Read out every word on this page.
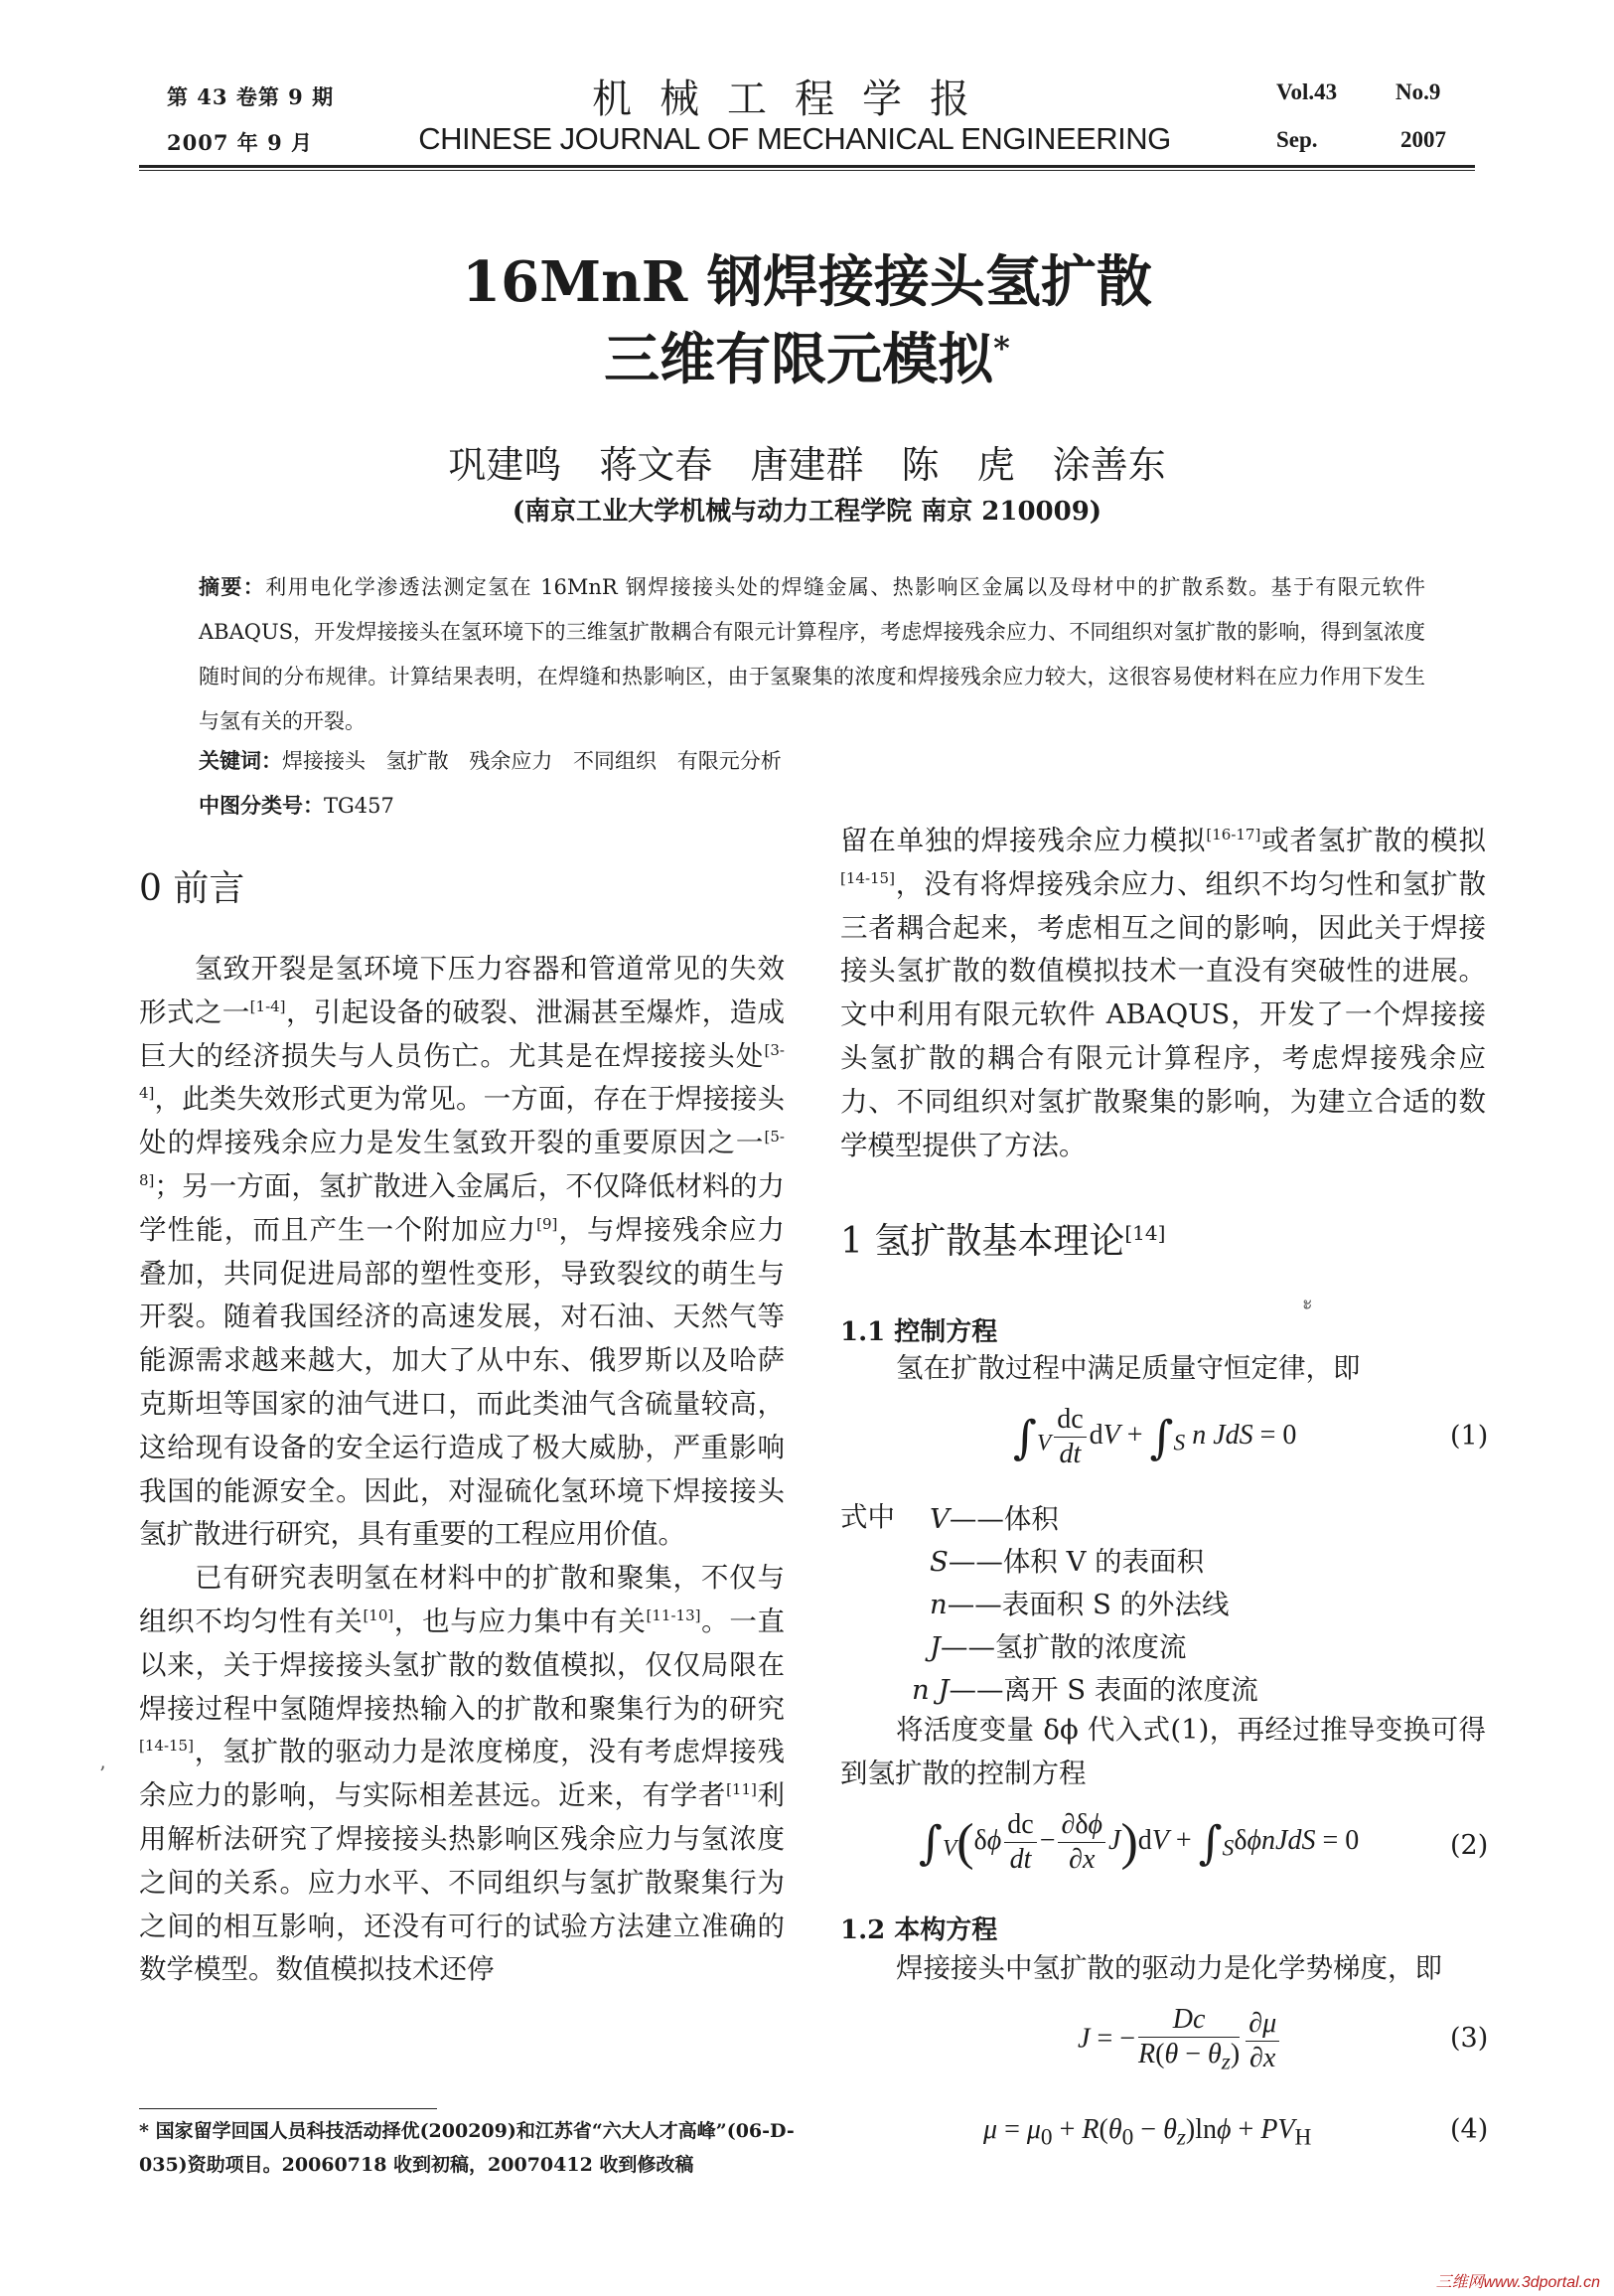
第 43 卷第 9 期
2007 年 9 月
机械工程学报
CHINESE JOURNAL OF MECHANICAL ENGINEERING
Vol.43	No.9
Sep.	2007
16MnR 钢焊接接头氢扩散
三维有限元模拟*
巩建鸣 蒋文春 唐建群 陈 虎 涂善东
(南京工业大学机械与动力工程学院 南京 210009)
摘要：利用电化学渗透法测定氢在 16MnR 钢焊接接头处的焊缝金属、热影响区金属以及母材中的扩散系数。基于有限元软件 ABAQUS，开发焊接接头在氢环境下的三维氢扩散耦合有限元计算程序，考虑焊接残余应力、不同组织对氢扩散的影响，得到氢浓度随时间的分布规律。计算结果表明，在焊缝和热影响区，由于氢聚集的浓度和焊接残余应力较大，这很容易使材料在应力作用下发生与氢有关的开裂。
关键词：焊接接头 氢扩散 残余应力 不同组织 有限元分析
中图分类号：TG457
0 前言

氢致开裂是氢环境下压力容器和管道常见的失效形式之一[1-4]，引起设备的破裂、泄漏甚至爆炸，造成巨大的经济损失与人员伤亡。尤其是在焊接接头处[3-4]，此类失效形式更为常见。一方面，存在于焊接接头处的焊接残余应力是发生氢致开裂的重要原因之一[5-8]；另一方面，氢扩散进入金属后，不仅降低材料的力学性能，而且产生一个附加应力[9]，与焊接残余应力叠加，共同促进局部的塑性变形，导致裂纹的萌生与开裂。随着我国经济的高速发展，对石油、天然气等能源需求越来越大，加大了从中东、俄罗斯以及哈萨克斯坦等国家的油气进口，而此类油气含硫量较高，这给现有设备的安全运行造成了极大威胁，严重影响我国的能源安全。因此，对湿硫化氢环境下焊接接头氢扩散进行研究，具有重要的工程应用价值。

已有研究表明氢在材料中的扩散和聚集，不仅与组织不均匀性有关[10]，也与应力集中有关[11-13]。一直以来，关于焊接接头氢扩散的数值模拟，仅仅局限在焊接过程中氢随焊接热输入的扩散和聚集行为的研究[14-15]，氢扩散的驱动力是浓度梯度，没有考虑焊接残余应力的影响，与实际相差甚远。近来，有学者[11]利用解析法研究了焊接接头热影响区残余应力与氢浓度之间的关系。应力水平、不同组织与氢扩散聚集行为之间的相互影响，还没有可行的试验方法建立准确的数学模型。数值模拟技术还停

’

留在单独的焊接残余应力模拟[16-17]或者氢扩散的模拟[14-15]，没有将焊接残余应力、组织不均匀性和氢扩散三者耦合起来，考虑相互之间的影响，因此关于焊接接头氢扩散的数值模拟技术一直没有突破性的进展。文中利用有限元软件 ABAQUS，开发了一个焊接接头氢扩散的耦合有限元计算程序，考虑焊接残余应力、不同组织对氢扩散聚集的影响，为建立合适的数学模型提供了方法。

1 氢扩散基本理论[14]
ะ
1.1 控制方程
氢在扩散过程中满足质量守恒定律，即
$\int_V \frac{dc}{dt}$ dV + $\int_S$ n JdS = 0	(1)
式中 V——体积
S——体积 V 的表面积
n——表面积 S 的外法线
J——氢扩散的浓度流
n J——离开 S 表面的浓度流

将活度变量 δϕ 代入式(1)，再经过推导变换可得到氢扩散的控制方程

$\int_V(\delta\phi \frac{dc}{dt} - \frac{\partial\delta\phi}{\partial x} J)dV$ + $\int_S\delta\phi nJdS = 0$	(2)
1.2 本构方程
焊接接头中氢扩散的驱动力是化学势梯度，即
J = − $\frac{Dc}{R(\theta - \theta_z)} \frac{\partial\mu}{\partial x}$	(3)
$\mu = \mu_0 + R(\theta_0 - \theta_z)\ln\phi + PV_H$	(4)
* 国家留学回国人员科技活动择优(200209)和江苏省“六大人才高峰”(06-D-035)资助项目。20060718 收到初稿，20070412 收到修改稿
三维网www.3dportal.cn
